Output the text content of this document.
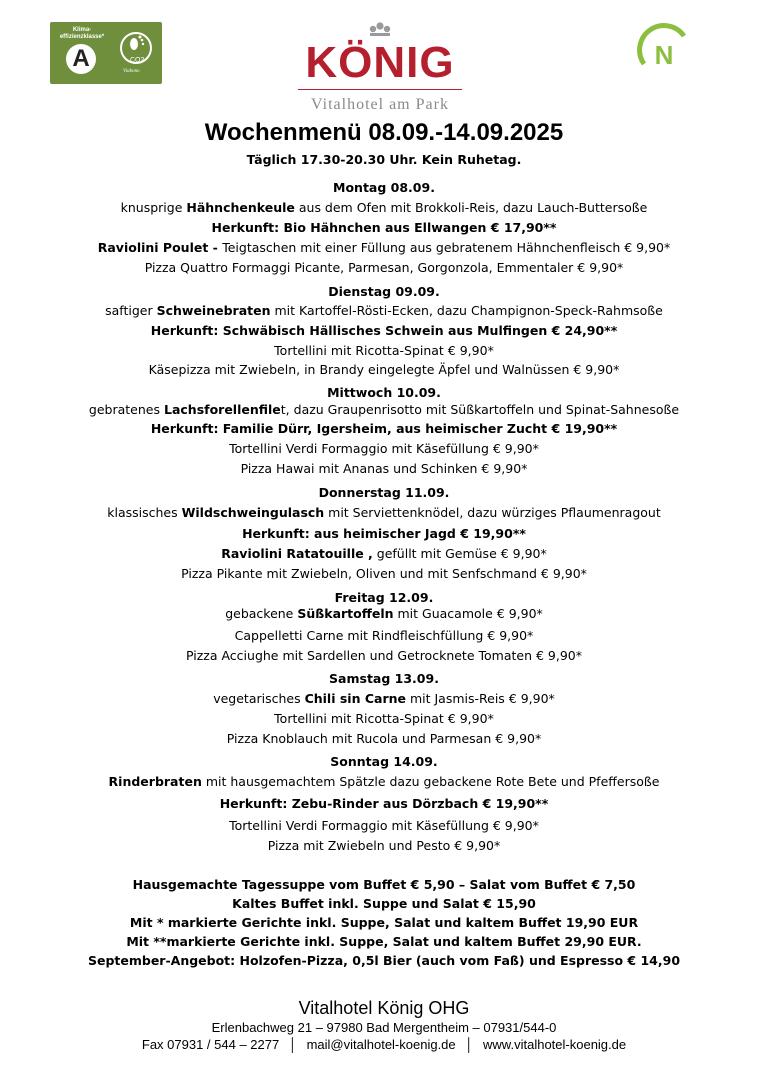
Klima-effizienzklasse*
A	CO2
Viabono	KÖNIG
Vitalhotel am Park
N
Wochenmenü 08.09.-14.09.2025
Täglich 17.30-20.30 Uhr. Kein Ruhetag.
Montag 08.09.
knusprige Hähnchenkeule aus dem Ofen mit Brokkoli-Reis, dazu Lauch-Buttersoße
Herkunft: Bio Hähnchen aus Ellwangen € 17,90**
Raviolini Poulet - Teigtaschen mit einer Füllung aus gebratenem Hähnchenfleisch € 9,90*
Pizza Quattro Formaggi Picante, Parmesan, Gorgonzola, Emmentaler € 9,90*
Dienstag 09.09.
saftiger Schweinebraten mit Kartoffel-Rösti-Ecken, dazu Champignon-Speck-Rahmsoße
Herkunft: Schwäbisch Hällisches Schwein aus Mulfingen € 24,90**
Tortellini mit Ricotta-Spinat € 9,90*
Käsepizza mit Zwiebeln, in Brandy eingelegte Äpfel und Walnüssen € 9,90*
Mittwoch 10.09.
gebratenes Lachsforellenfilet, dazu Graupenrisotto mit Süßkartoffeln und Spinat-Sahnesoße
Herkunft: Familie Dürr, Igersheim, aus heimischer Zucht € 19,90**
Tortellini Verdi Formaggio mit Käsefüllung € 9,90*
Pizza Hawai mit Ananas und Schinken € 9,90*
Donnerstag 11.09.
klassisches Wildschweingulasch mit Serviettenknödel, dazu würziges Pflaumenragout
Herkunft: aus heimischer Jagd € 19,90**
Raviolini Ratatouille , gefüllt mit Gemüse € 9,90*
Pizza Pikante mit Zwiebeln, Oliven und mit Senfschmand € 9,90*
Freitag 12.09.
gebackene Süßkartoffeln mit Guacamole € 9,90*
Cappelletti Carne mit Rindfleischfüllung € 9,90*
Pizza Acciughe mit Sardellen und Getrocknete Tomaten € 9,90*
Samstag 13.09.
vegetarisches Chili sin Carne mit Jasmis-Reis € 9,90*
Tortellini mit Ricotta-Spinat € 9,90*
Pizza Knoblauch mit Rucola und Parmesan € 9,90*
Sonntag 14.09.
Rinderbraten mit hausgemachtem Spätzle dazu gebackene Rote Bete und Pfeffersoße
Herkunft: Zebu-Rinder aus Dörzbach € 19,90**
Tortellini Verdi Formaggio mit Käsefüllung € 9,90*
Pizza mit Zwiebeln und Pesto € 9,90*
Hausgemachte Tagessuppe vom Buffet € 5,90 – Salat vom Buffet € 7,50
Kaltes Buffet inkl. Suppe und Salat € 15,90
Mit * markierte Gerichte inkl. Suppe, Salat und kaltem Buffet 19,90 EUR
Mit **markierte Gerichte inkl. Suppe, Salat und kaltem Buffet 29,90 EUR.
September-Angebot: Holzofen-Pizza, 0,5l Bier (auch vom Faß) und Espresso € 14,90
Vitalhotel König OHG
Erlenbachweg 21 – 97980 Bad Mergentheim – 07931/544-0
Fax 07931 / 544 – 2277 │ mail@vitalhotel-koenig.de │ www.vitalhotel-koenig.de
